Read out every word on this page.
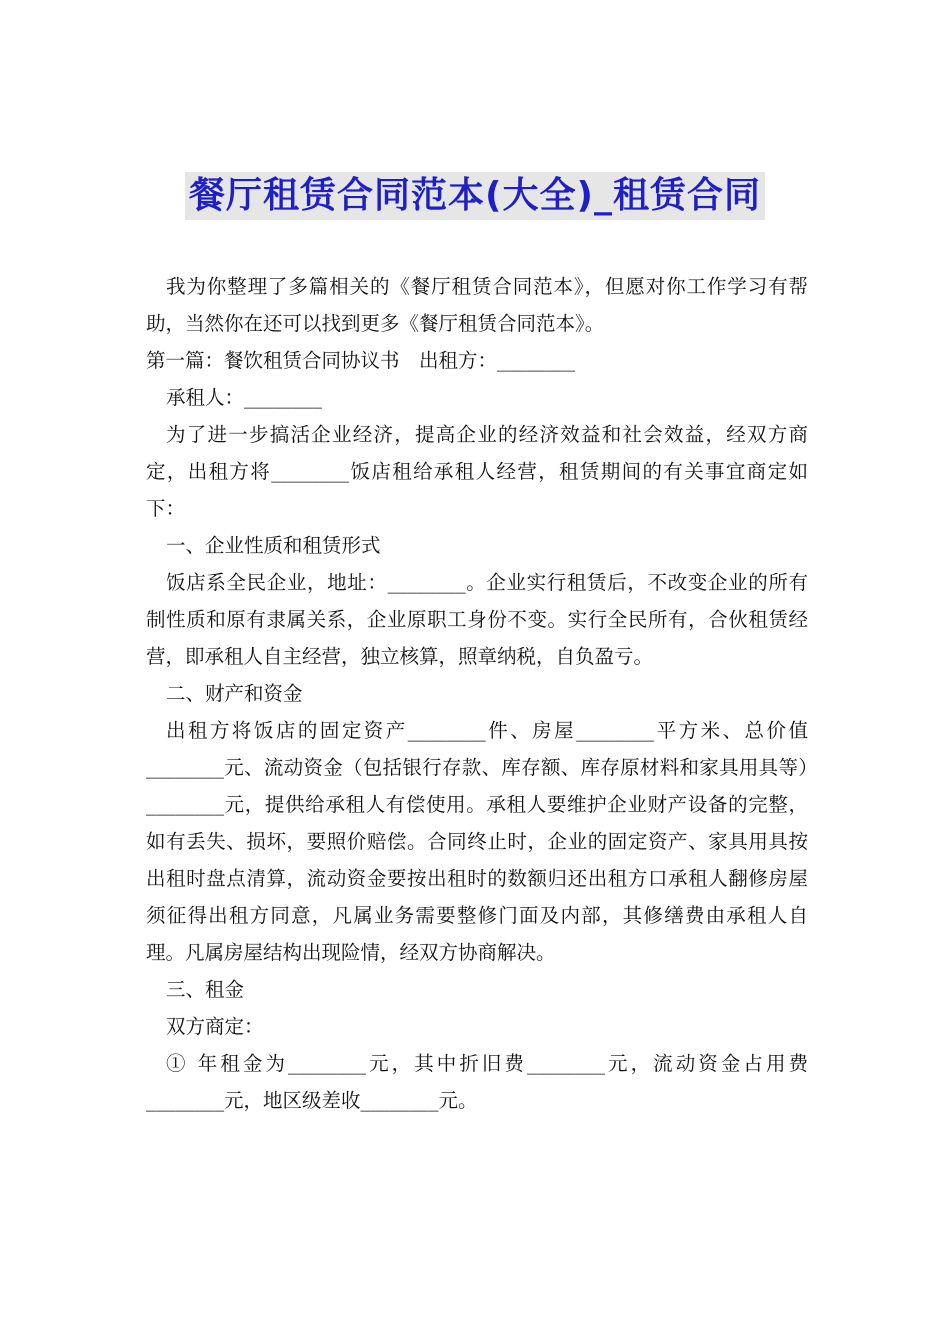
餐厅租赁合同范本(大全)_租赁合同

我为你整理了多篇相关的《餐厅租赁合同范本》，但愿对你工作学习有帮助，当然你在还可以找到更多《餐厅租赁合同范本》。

第一篇：餐饮租赁合同协议书　出租方：________

承租人：________

为了进一步搞活企业经济，提高企业的经济效益和社会效益，经双方商定，出租方将________饭店租给承租人经营，租赁期间的有关事宜商定如下：

一、企业性质和租赁形式

饭店系全民企业，地址：________。企业实行租赁后，不改变企业的所有制性质和原有隶属关系，企业原职工身份不变。实行全民所有，合伙租赁经营，即承租人自主经营，独立核算，照章纳税，自负盈亏。

二、财产和资金

出租方将饭店的固定资产________件、房屋________平方米、总价值________元、流动资金（包括银行存款、库存额、库存原材料和家具用具等）________元，提供给承租人有偿使用。承租人要维护企业财产设备的完整，如有丢失、损坏，要照价赔偿。合同终止时，企业的固定资产、家具用具按出租时盘点清算，流动资金要按出租时的数额归还出租方口承租人翻修房屋须征得出租方同意，凡属业务需要整修门面及内部，其修缮费由承租人自理。凡属房屋结构出现险情，经双方协商解决。

三、租金

双方商定：

① 年租金为________元，其中折旧费________元，流动资金占用费________元，地区级差收________元。
